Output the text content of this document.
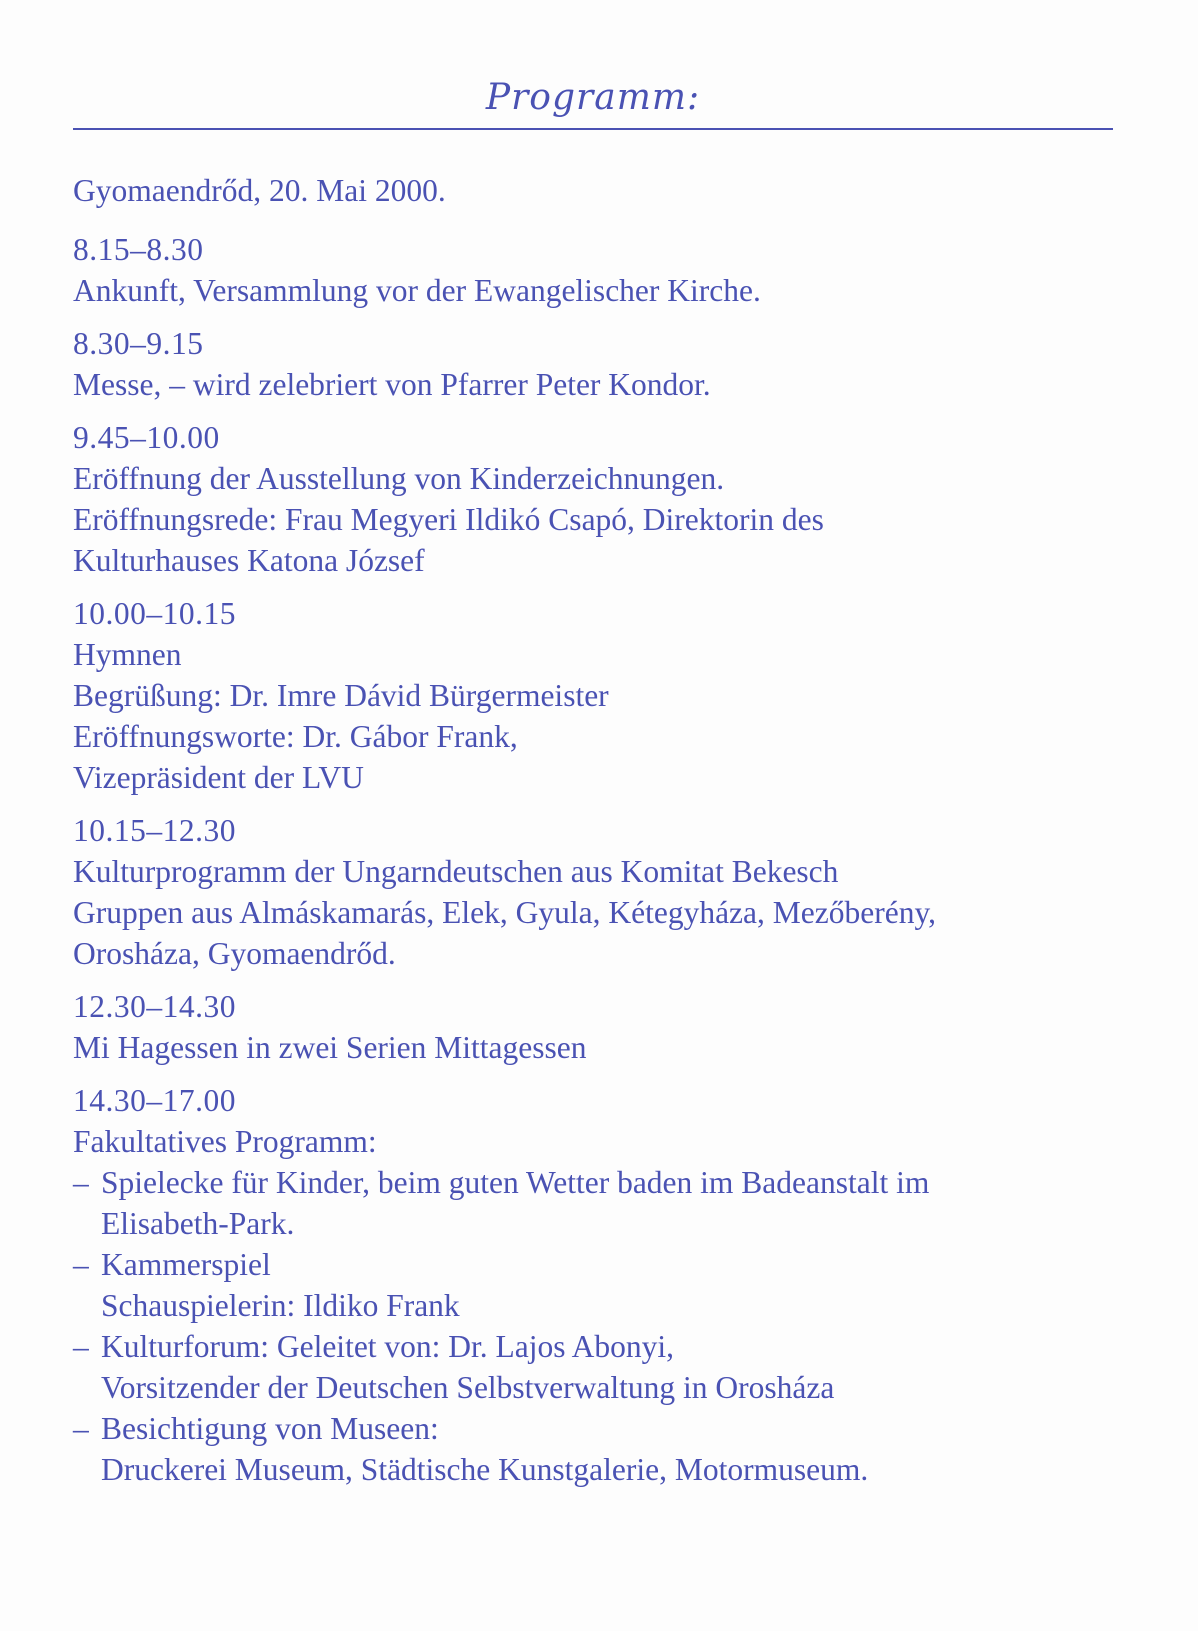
Programm:
Gyomaendrőd, 20. Mai 2000.
8.15–8.30
Ankunft, Versammlung vor der Ewangelischer Kirche.
8.30–9.15
Messe, – wird zelebriert von Pfarrer Peter Kondor.
9.45–10.00
Eröffnung der Ausstellung von Kinderzeichnungen.
Eröffnungsrede: Frau Megyeri Ildikó Csapó, Direktorin des
Kulturhauses Katona József
10.00–10.15
Hymnen
Begrüßung: Dr. Imre Dávid Bürgermeister
Eröffnungsworte: Dr. Gábor Frank,
Vizepräsident der LVU
10.15–12.30
Kulturprogramm der Ungarndeutschen aus Komitat Bekesch
Gruppen aus Almáskamarás, Elek, Gyula, Kétegyháza, Mezőberény,
Orosháza, Gyomaendrőd.
12.30–14.30
Mi Hagessen in zwei Serien Mittagessen
14.30–17.00
Fakultatives Programm:
– Spielecke für Kinder, beim guten Wetter baden im Badeanstalt im
Elisabeth-Park.
– Kammerspiel
Schauspielerin: Ildiko Frank
– Kulturforum: Geleitet von: Dr. Lajos Abonyi,
Vorsitzender der Deutschen Selbstverwaltung in Orosháza
– Besichtigung von Museen:
Druckerei Museum, Städtische Kunstgalerie, Motormuseum.
